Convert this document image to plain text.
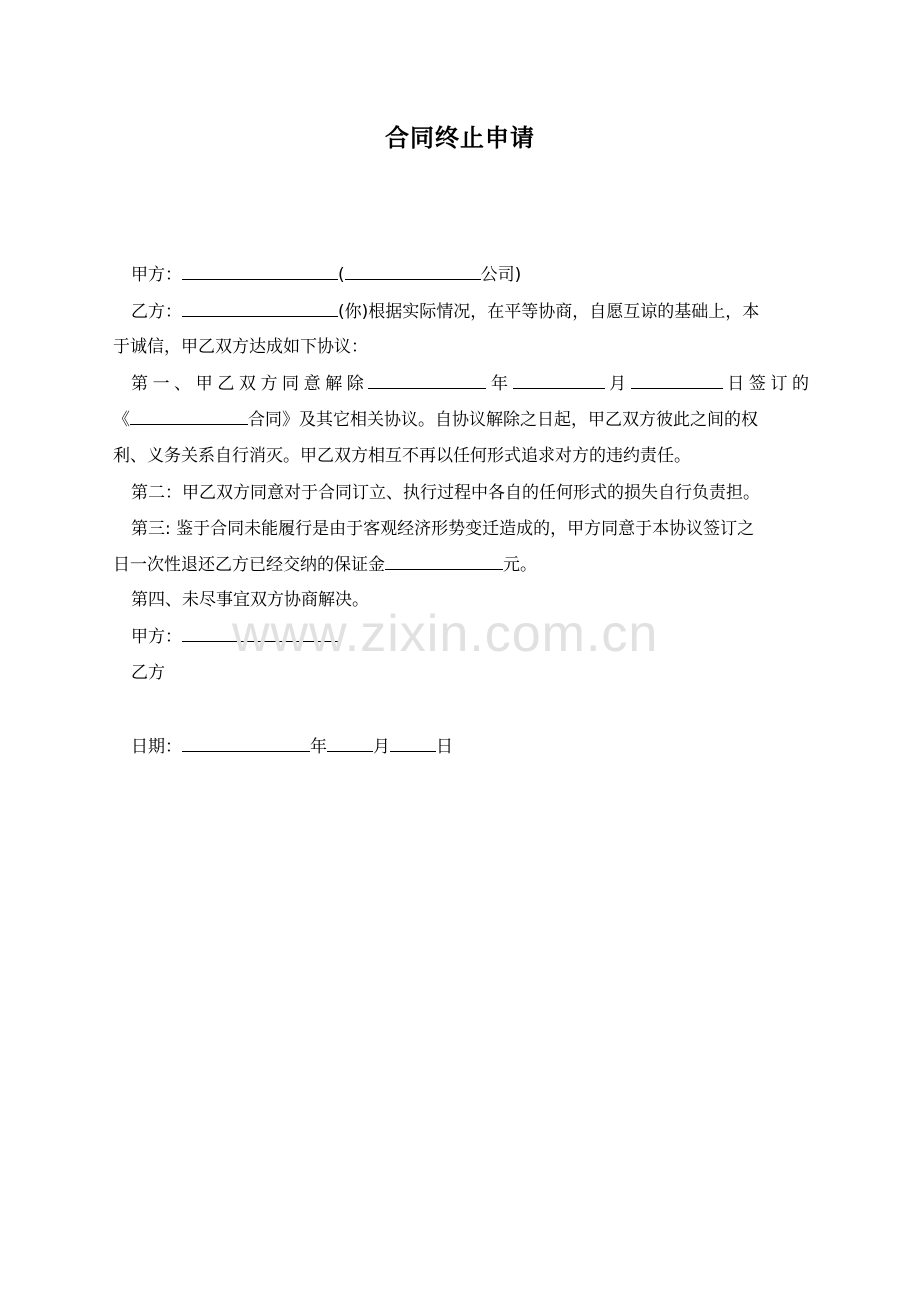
合同终止申请
甲方：	(	公司)
乙方：	(你)根据实际情况，在平等协商，自愿互谅的基础上，本
于诚信，甲乙双方达成如下协议：
第一、甲乙双方同意解除	年	月	日签订的
《	合同》及其它相关协议。自协议解除之日起，甲乙双方彼此之间的权
利、义务关系自行消灭。甲乙双方相互不再以任何形式追求对方的违约责任。
第二：甲乙双方同意对于合同订立、执行过程中各自的任何形式的损失自行负责担。
第三: 鉴于合同未能履行是由于客观经济形势变迁造成的，甲方同意于本协议签订之
日一次性退还乙方已经交纳的保证金	元。
第四、未尽事宜双方协商解决。
甲方：
乙方
日期：	年	月	日
www.zixin.com.cn
